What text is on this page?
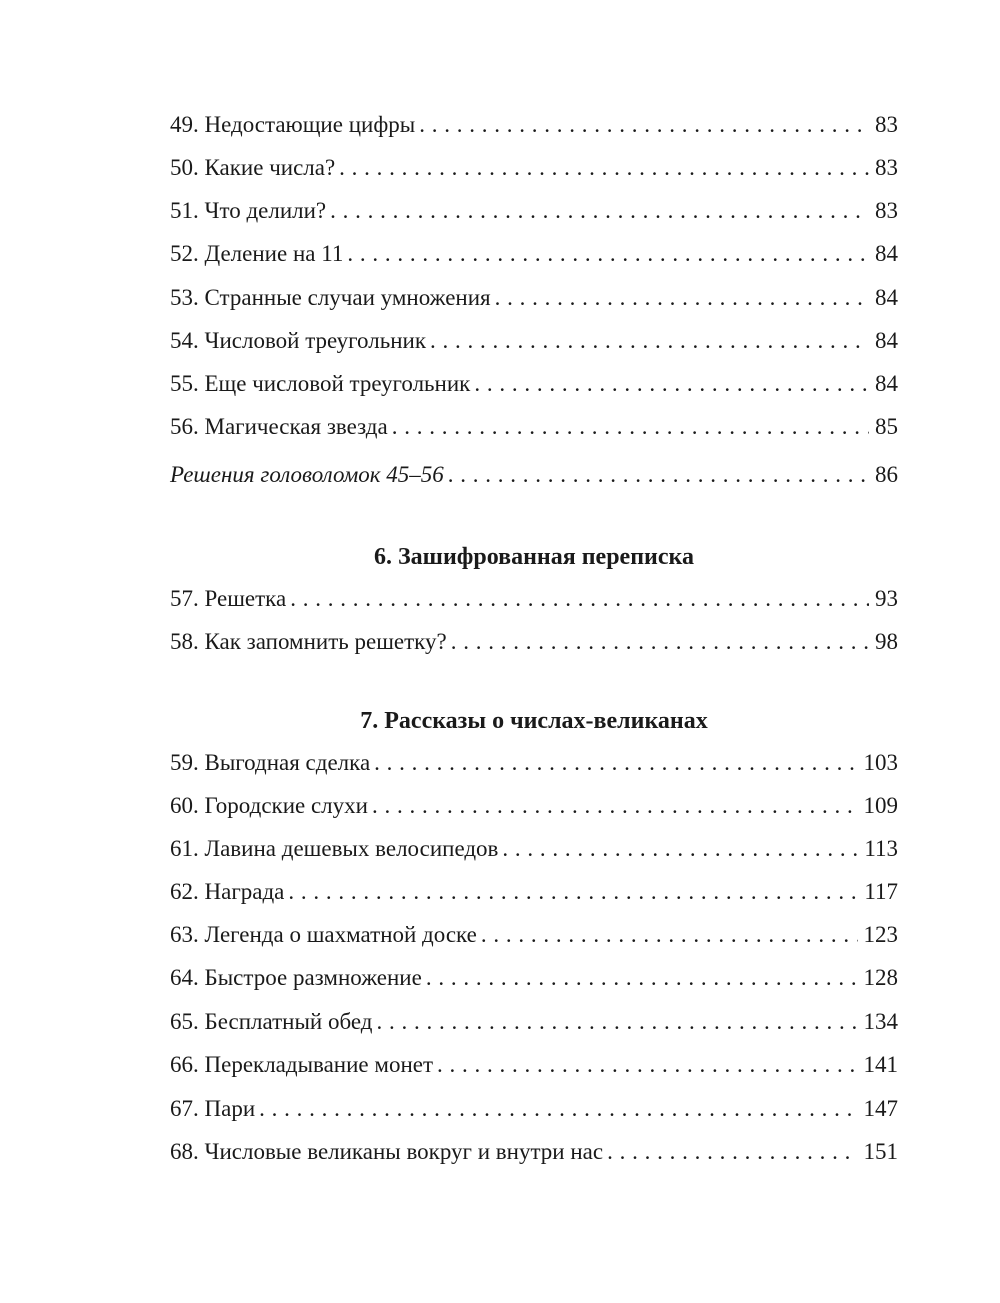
49. Недостающие цифры . . .	83
50. Какие числа? . . .	83
51. Что делили? . . .	83
52. Деление на 11 . . .	84
53. Странные случаи умножения . . .	84
54. Числовой треугольник . . .	84
55. Еще числовой треугольник . . .	84
56. Магическая звезда . . .	85
Решения головоломок 45–56 . . .	86
6. Зашифрованная переписка
57. Решетка . . .	93
58. Как запомнить решетку? . . .	98
7. Рассказы о числах-великанах
59. Выгодная сделка . . .	103
60. Городские слухи . . .	109
61. Лавина дешевых велосипедов . . .	113
62. Награда . . .	117
63. Легенда о шахматной доске . . .	123
64. Быстрое размножение . . .	128
65. Бесплатный обед . . .	134
66. Перекладывание монет . . .	141
67. Пари . . .	147
68. Числовые великаны вокруг и внутри нас . . .	151
